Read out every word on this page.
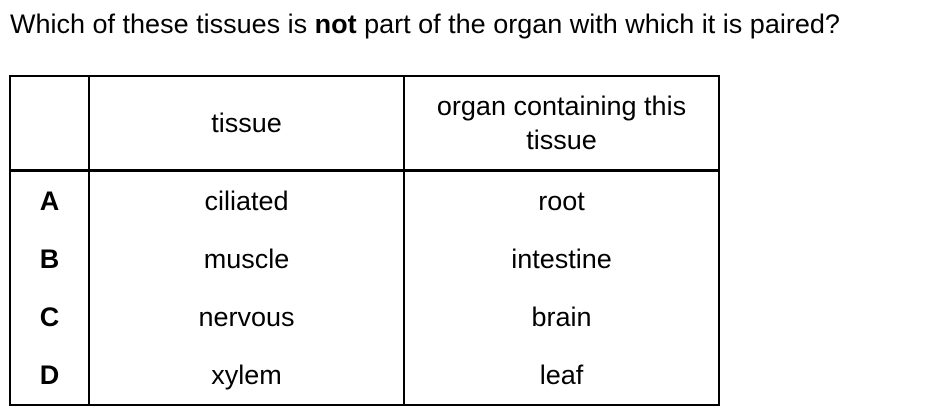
Which of these tissues is not part of the organ with which it is paired?
	tissue	organ containing this tissue

A	ciliated	root
B	muscle	intestine
C	nervous	brain
D	xylem	leaf
